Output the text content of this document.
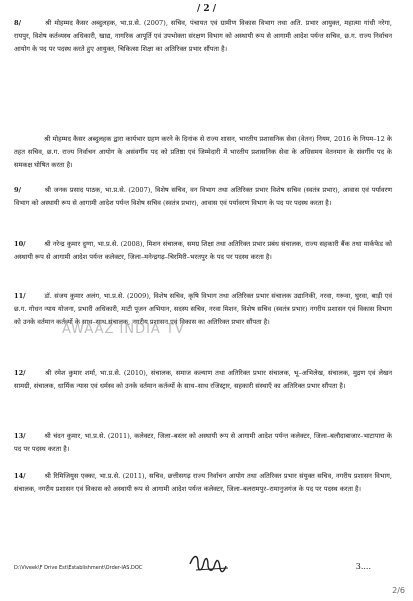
/ 2 /
8/	श्री मोहम्मद कैसर अब्दुलहक, भा.प्र.से. (2007), सचिव, पंचायत एवं ग्रामीण विकास विभाग तथा अति. प्रभार आयुक्त, महात्मा गांधी नरेगा, रायपुर, विशेष कर्तव्यस्थ अधिकारी, खाद्य, नागरिक आपूर्ति एवं उपभोक्ता संरक्षण विभाग को अस्थायी रूप से आगामी आदेश पर्यन्त सचिव, छ.ग. राज्य निर्वाचन आयोग के पद पर पदस्थ करते हुए आयुक्त, चिकित्सा शिक्षा का अतिरिक्त प्रभार सौंपता है।
श्री मोहम्मद कैसर अब्दुलहक द्वारा कार्यभार ग्रहण करने के दिनांक से राज्य शासन, भारतीय प्रशासनिक सेवा (वेतन) नियम, 2016 के नियम–12 के तहत सचिव, छ.ग. राज्य निर्वाचन आयोग के असंवर्गीय पद को प्रतिष्ठा एवं जिम्मेदारी में भारतीय प्रशासनिक सेवा के अधिसमय वेतनमान के संवर्गीय पद के समकक्ष घोषित करता है।
9/	श्री जनक प्रसाद पाठक, भा.प्र.से. (2007), विशेष सचिव, वन विभाग तथा अतिरिक्त प्रभार विशेष सचिव (स्वतंत्र प्रभार), आवास एवं पर्यावरण विभाग को अस्थायी रूप से आगामी आदेश पर्यन्त विशेष सचिव (स्वतंत्र प्रभार), आवास एवं पर्यावरण विभाग के पद पर पदस्थ करता है।
10/	श्री नरेन्द्र कुमार दुग्गा, भा.प्र.से. (2008), मिशन संचालक, समग्र शिक्षा तथा अतिरिक्त प्रभार प्रबंध संचालक, राज्य सहकारी बैंक तथा मार्कफेड को अस्थायी रूप से आगामी आदेश पर्यन्त कलेक्टर, जिला–मनेन्द्रगढ़–चिरमिरी–भरतपुर के पद पर पदस्थ करता है।
11/	डॉ. संजय कुमार अलंग, भा.प्र.से. (2009), विशेष सचिव, कृषि विभाग तथा अतिरिक्त प्रभार संचालक उद्यानिकी, नरवा, गरूवा, घुरवा, बाड़ी एवं छ.ग. गोधन न्याय योजना, प्रभारी अधिकारी, माटी पूजन अभियान, सदस्य सचिव, नरवा मिशन, विशेष सचिव (स्वतंत्र प्रभार) नगरीय प्रशासन एवं विकास विभाग को उनके वर्तमान कर्तव्यों के साथ–साथ संचालक, नगरीय प्रशासन एवं विकास का अतिरिक्त प्रभार सौंपता है।
AWAAZ INDIA TV
12/	श्री रमेश कुमार शर्मा, भा.प्र.से. (2010), संचालक, समाज कल्याण तथा अतिरिक्त प्रभार संचालक, भू–अभिलेख, संचालक, मुद्रण एवं लेखन सामग्री, संचालक, धार्मिक न्यास एवं धर्मस्व को उनके वर्तमान कर्तव्यों के साथ–साथ रजिस्ट्रार, सहकारी संस्थाएँ का अतिरिक्त प्रभार सौंपता है।
13/	श्री चंदन कुमार, भा.प्र.से. (2011), कलेक्टर, जिला–बस्तर को अस्थायी रूप से आगामी आदेश पर्यन्त कलेक्टर, जिला–बलौदाबाजार–भाटापारा के पद पर पदस्थ करता है।
14/	श्री रिमिजियुस एक्का, भा.प्र.से. (2011), सचिव, छत्तीसगढ़ राज्य निर्वाचन आयोग तथा अतिरिक्त प्रभार संयुक्त सचिव, नगरीय प्रशासन विभाग, संचालक, नगरीय प्रशासन एवं विकास को अस्थायी रूप से आगामी आदेश पर्यन्त कलेक्टर, जिला–बलरामपुर–रामानुजगंज के पद पर पदस्थ करता है।
3....
D:\Viveek\F Drive Est\Establishment\Order-IAS.DOC
2/6
